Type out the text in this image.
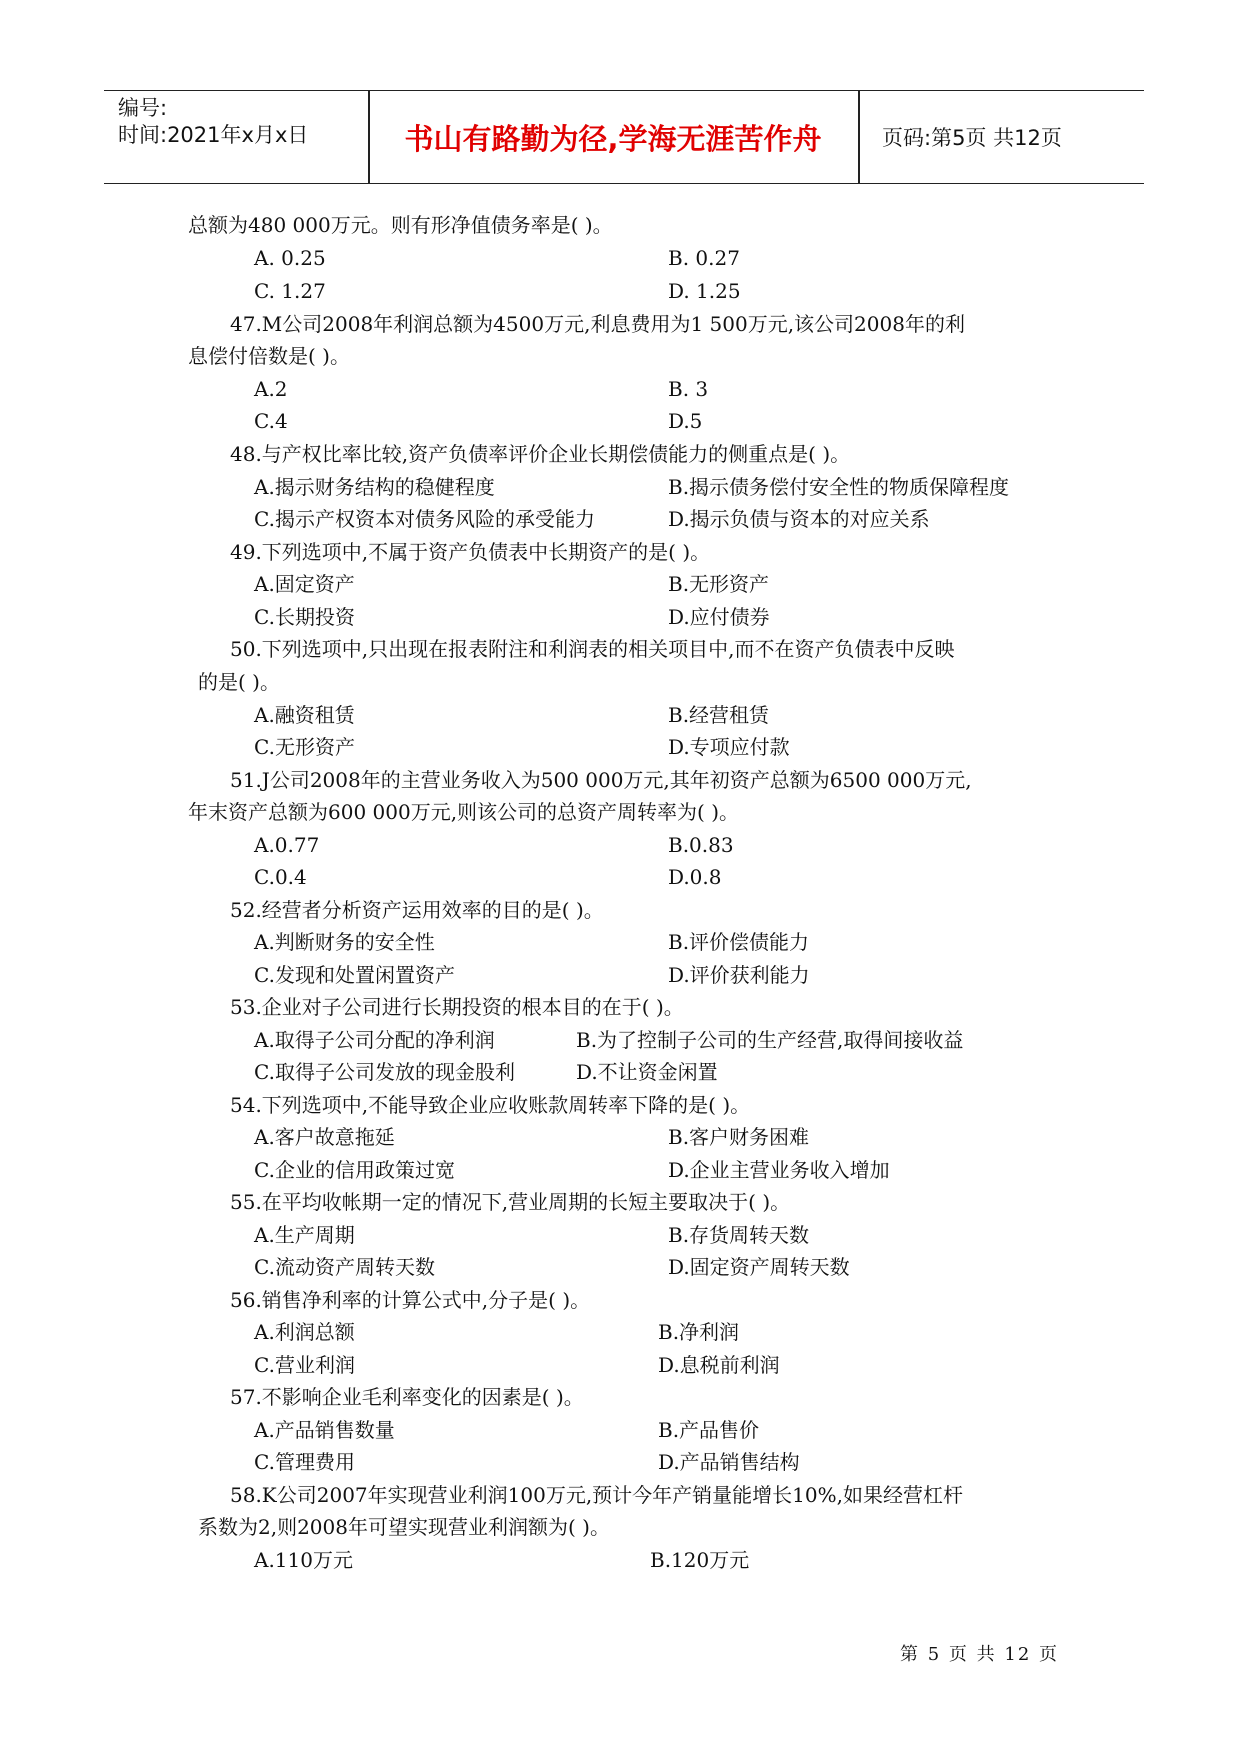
编号:
时间:2021年x月x日	书山有路勤为径,学海无涯苦作舟	页码:第5页 共12页
总额为480 000万元。则有形净值债务率是( )。
A. 0.25	B. 0.27
C. 1.27	D. 1.25
47.M公司2008年利润总额为4500万元,利息费用为1 500万元,该公司2008年的利
息偿付倍数是( )。
A.2	B. 3
C.4	D.5
48.与产权比率比较,资产负债率评价企业长期偿债能力的侧重点是( )。
A.揭示财务结构的稳健程度	B.揭示债务偿付安全性的物质保障程度
C.揭示产权资本对债务风险的承受能力	D.揭示负债与资本的对应关系
49.下列选项中,不属于资产负债表中长期资产的是( )。
A.固定资产	B.无形资产
C.长期投资	D.应付债券
50.下列选项中,只出现在报表附注和利润表的相关项目中,而不在资产负债表中反映
的是( )。
A.融资租赁	B.经营租赁
C.无形资产	D.专项应付款
51.J公司2008年的主营业务收入为500 000万元,其年初资产总额为6500 000万元,
年末资产总额为600 000万元,则该公司的总资产周转率为( )。
A.0.77	B.0.83
C.0.4	D.0.8
52.经营者分析资产运用效率的目的是( )。
A.判断财务的安全性	B.评价偿债能力
C.发现和处置闲置资产	D.评价获利能力
53.企业对子公司进行长期投资的根本目的在于( )。
A.取得子公司分配的净利润	B.为了控制子公司的生产经营,取得间接收益
C.取得子公司发放的现金股利	D.不让资金闲置
54.下列选项中,不能导致企业应收账款周转率下降的是( )。
A.客户故意拖延	B.客户财务困难
C.企业的信用政策过宽	D.企业主营业务收入增加
55.在平均收帐期一定的情况下,营业周期的长短主要取决于( )。
A.生产周期	B.存货周转天数
C.流动资产周转天数	D.固定资产周转天数
56.销售净利率的计算公式中,分子是( )。
A.利润总额	B.净利润
C.营业利润	D.息税前利润
57.不影响企业毛利率变化的因素是( )。
A.产品销售数量	B.产品售价
C.管理费用	D.产品销售结构
58.K公司2007年实现营业利润100万元,预计今年产销量能增长10%,如果经营杠杆
系数为2,则2008年可望实现营业利润额为( )。
A.110万元	B.120万元
第 5 页 共 12 页
